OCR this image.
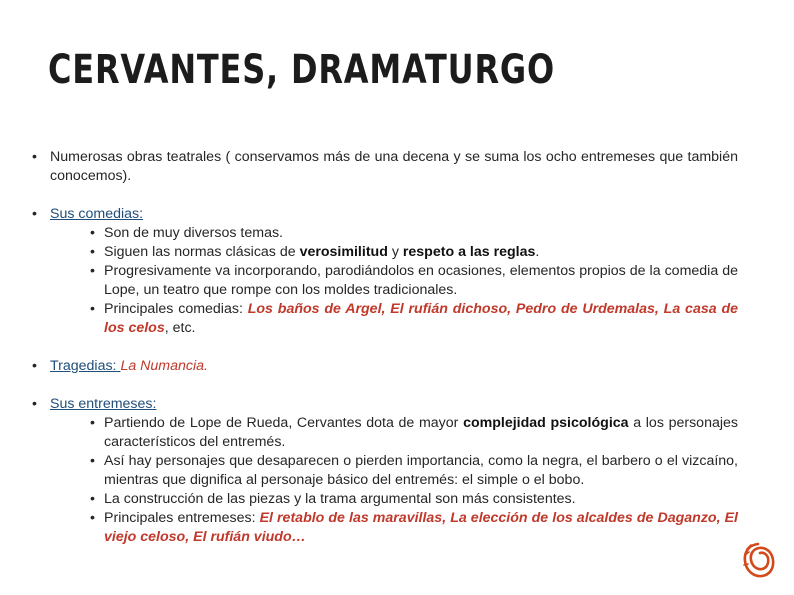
CERVANTES, DRAMATURGO

• Numerosas obras teatrales ( conservamos más de una decena y se suma los ocho entremeses que también conocemos).

• Sus comedias:

• Son de muy diversos temas.

• Siguen las normas clásicas de verosimilitud y respeto a las reglas.

• Progresivamente va incorporando, parodiándolos en ocasiones, elementos propios de la comedia de Lope, un teatro que rompe con los moldes tradicionales.

• Principales comedias: Los baños de Argel, El rufián dichoso, Pedro de Urdemalas, La casa de los celos, etc.

• Tragedias: La Numancia.
• Sus entremeses:

• Partiendo de Lope de Rueda, Cervantes dota de mayor complejidad psicológica a los personajes característicos del entremés.

• Así hay personajes que desaparecen o pierden importancia, como la negra, el barbero o el vizcaíno, mientras que dignifica al personaje básico del entremés: el simple o el bobo.

• La construcción de las piezas y la trama argumental son más consistentes.

• Principales entremeses: El retablo de las maravillas, La elección de los alcaldes de Daganzo, El viejo celoso, El rufián viudo…
